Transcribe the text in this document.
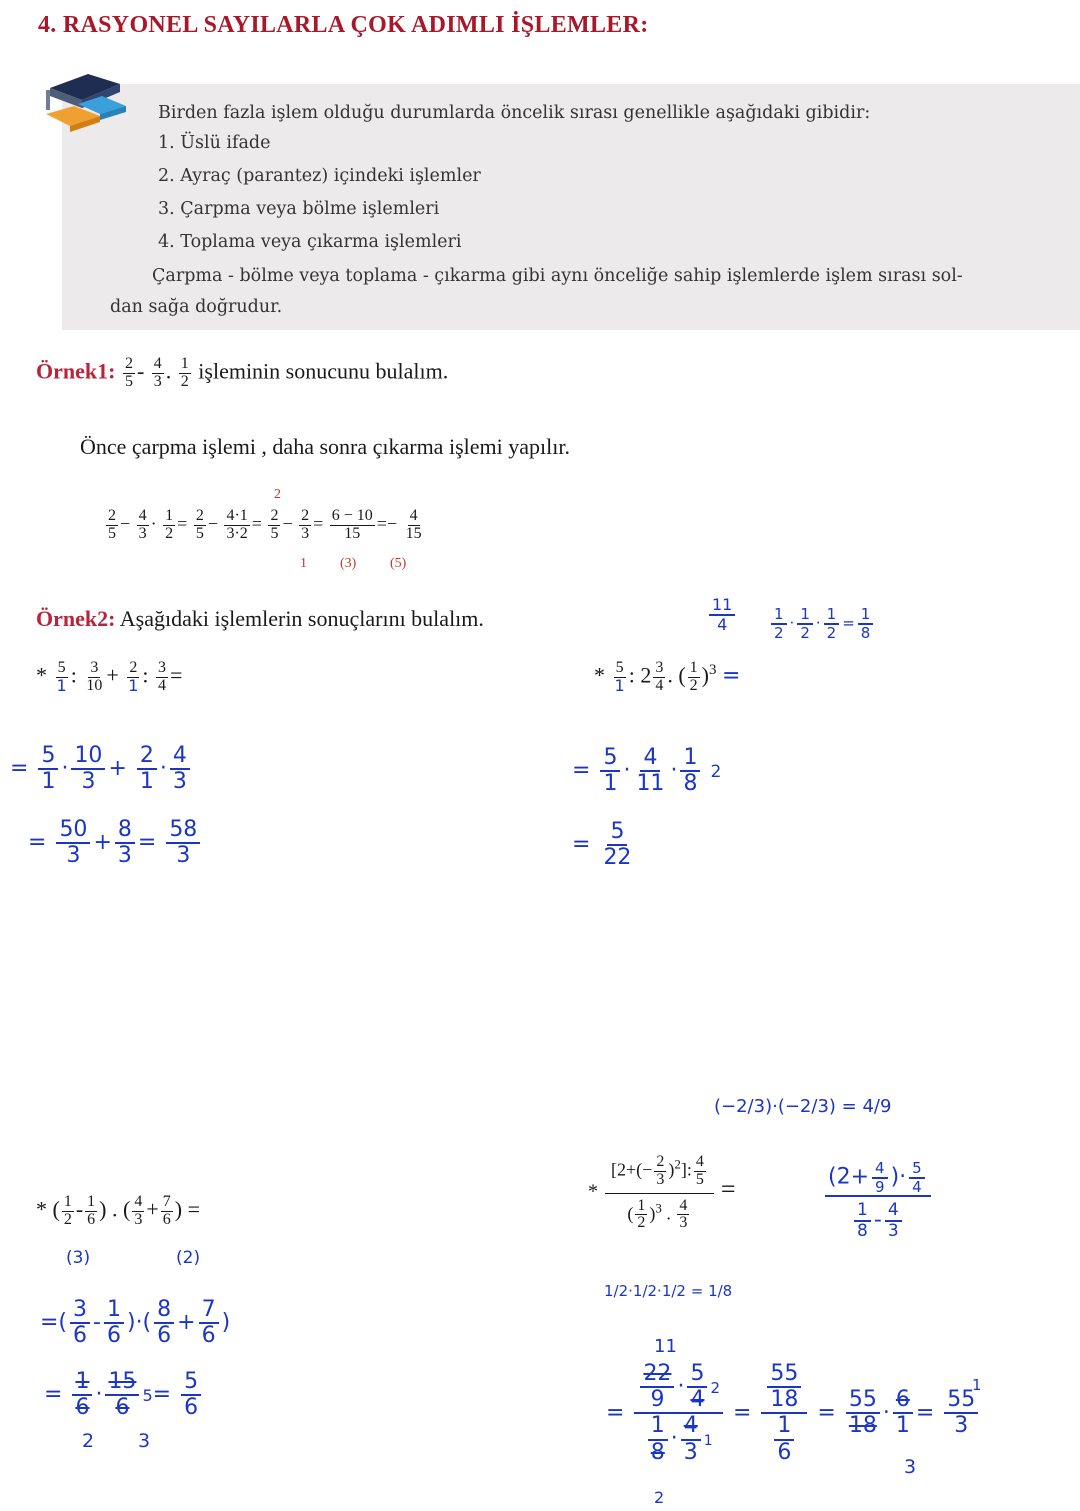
4. RASYONEL SAYILARLA ÇOK ADIMLI İŞLEMLER:
Birden fazla işlem olduğu durumlarda öncelik sırası genellikle aşağıdaki gibidir:
1. Üslü ifade
2. Ayraç (parantez) içindeki işlemler
3. Çarpma veya bölme işlemleri
4. Toplama veya çıkarma işlemleri
Çarpma - bölme veya toplama - çıkarma gibi aynı önceliğe sahip işlemlerde işlem sırası sol-
dan sağa doğrudur.
Örnek1: $\frac{2}{5} - \frac{4}{3}$ . $\frac{1}{2}$ işleminin sonucunu bulalım.
Önce çarpma işlemi , daha sonra çıkarma işlemi yapılır.
$\frac{2}{5} - \frac{4}{3} \cdot \frac{1}{2} = \frac{2}{5} - \frac{4\cdot 1}{3\cdot 2} = \frac{2}{5} - \frac{2}{3} = \frac{6 - 10}{15} =- \frac{4}{15}$
2
1 (3) (5)
Örnek2: Aşağıdaki işlemlerin sonuçlarını bulalım.
* $\frac{5}{1}$ : $\frac{3}{10} + \frac{2}{1}$ : $\frac{3}{4}$ =
= $\frac{5}{1} \cdot \frac{10}{3} + \frac{2}{1} \cdot \frac{4}{3}$
= $\frac{50}{3} + \frac{8}{3} = \frac{58}{3}$
$\frac{11}{4} \frac{1}{2} \cdot \frac{1}{2} \cdot \frac{1}{2} = \frac{1}{8}$
* $\frac{5}{1}$ : $2 \frac{3}{4}$ . ( $\frac{1}{2} )^3$ =
= $\frac{5}{1} \cdot \frac{4}{11} \cdot \frac{1}{8} 2$
= $\frac{5}{22}$
* ( $\frac{1}{2} - \frac{1}{6}$ ) . ( $\frac{4}{3} + \frac{7}{6}$ ) =
(3)	(2)
=( $\frac{3}{6} - \frac{1}{6}$ )·( $\frac{8}{6} + \frac{7}{6}$ )
= $\frac{1}{6} \cdot \frac{15}{6} 5= \frac{5}{6}$
2 3
(−2/3)·(−2/3) = 4/9
* $\frac{[2+(- \frac{2}{3} )^2]: \frac{4}{5}}{( \frac{1}{2} )^3 . \frac{4}{3}}$ =	$\frac{(2+ \frac{4}{9} )\cdot \frac{5}{4}}{\frac{1}{8} - \frac{4}{3}}$
1/2·1/2·1/2 = 1/8
11
= $\frac{\frac{22}{9} \cdot \frac{5}{4} 2}{\frac{1}{8} \cdot \frac{4}{3} 1} = \frac{\frac{55}{18}}{\frac{1}{6}} = \frac{55}{18} \cdot \frac{6}{1} = \frac{55}{3}$
2
3
1
